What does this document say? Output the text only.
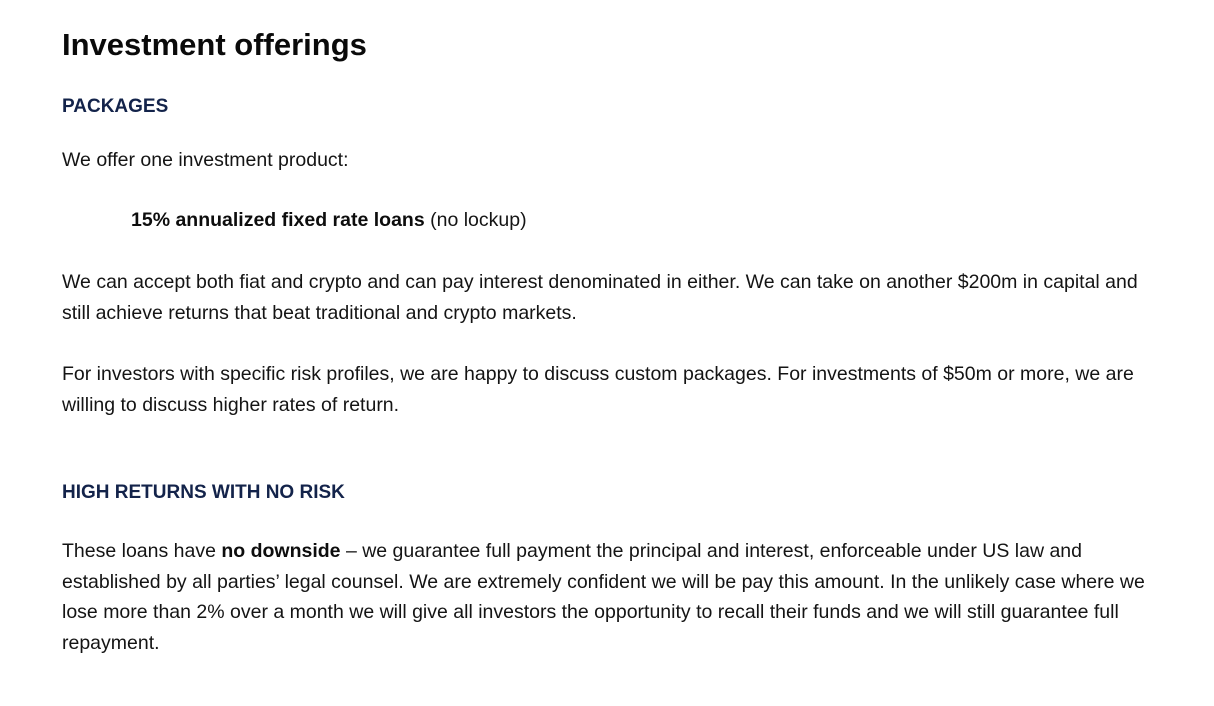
Investment offerings
PACKAGES

We offer one investment product:

15% annualized fixed rate loans (no lockup)

We can accept both fiat and crypto and can pay interest denominated in either. We can take on another $200m in capital and still achieve returns that beat traditional and crypto markets.

For investors with specific risk profiles, we are happy to discuss custom packages. For investments of $50m or more, we are willing to discuss higher rates of return.

HIGH RETURNS WITH NO RISK

These loans have no downside – we guarantee full payment the principal and interest, enforceable under US law and established by all parties’ legal counsel. We are extremely confident we will be pay this amount. In the unlikely case where we lose more than 2% over a month we will give all investors the opportunity to recall their funds and we will still guarantee full repayment.
